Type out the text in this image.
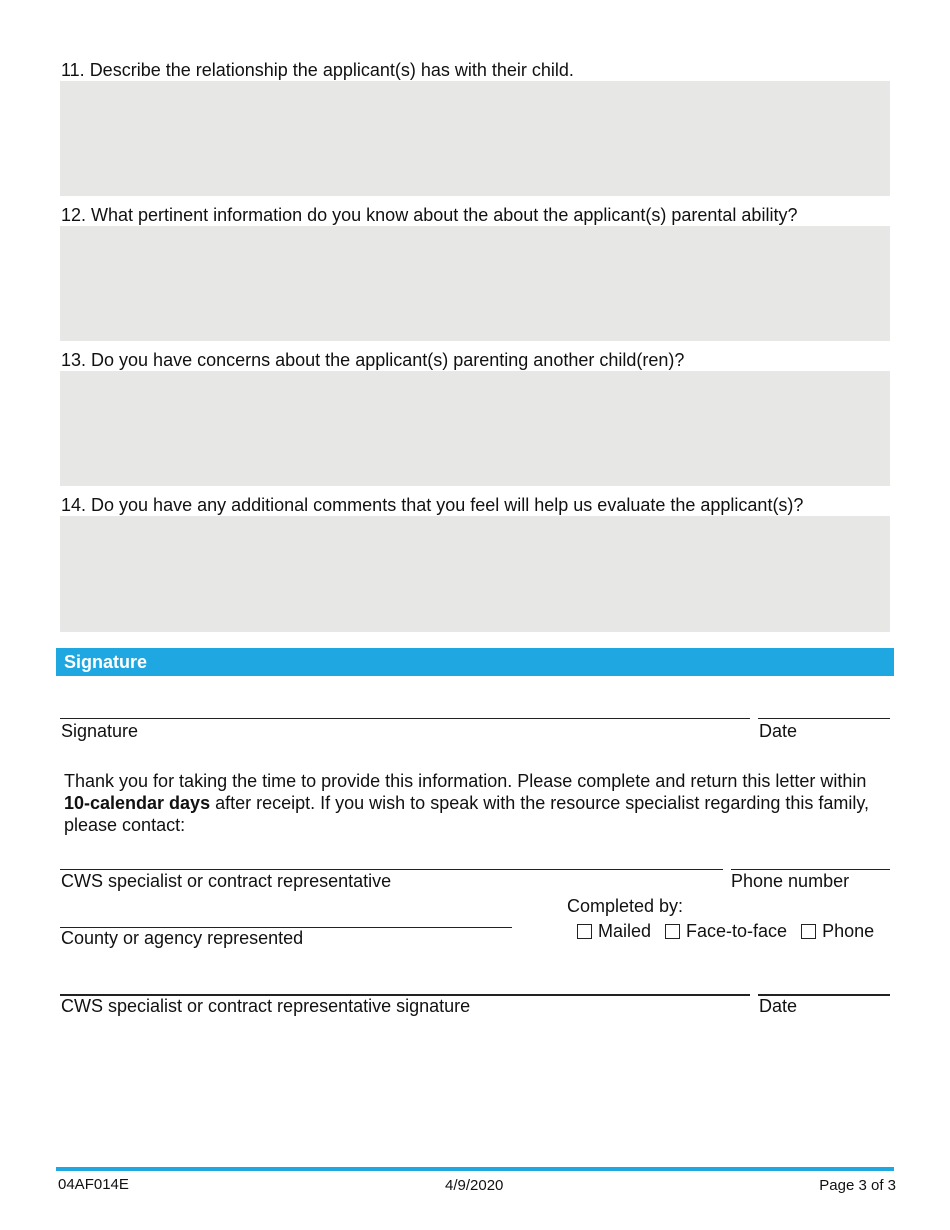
11. Describe the relationship the applicant(s) has with their child.
12. What pertinent information do you know about the about the applicant(s) parental ability?
13. Do you have concerns about the applicant(s) parenting another child(ren)?
14. Do you have any additional comments that you feel will help us evaluate the applicant(s)?
Signature
Signature	Date
Thank you for taking the time to provide this information. Please complete and return this letter within 10-calendar days after receipt. If you wish to speak with the resource specialist regarding this family, please contact:
CWS specialist or contract representative	Phone number
Completed by:
County or agency represented	Mailed Face-to-face Phone
CWS specialist or contract representative signature	Date
04AF014E	4/9/2020	Page 3 of 3
